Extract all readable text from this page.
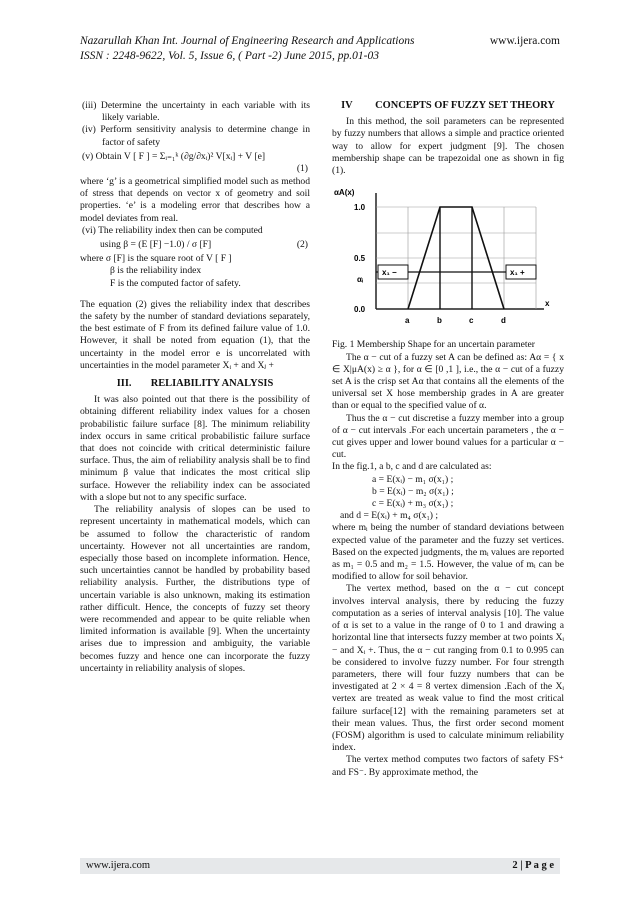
Nazarullah Khan Int. Journal of Engineering Research and Applications
ISSN : 2248-9622, Vol. 5, Issue 6, ( Part -2) June 2015, pp.01-03
www.ijera.com

(iii) Determine the uncertainty in each variable with its likely variable.

(iv) Perform sensitivity analysis to determine change in factor of safety

(v) Obtain V [ F ] = Σᵢ₌₁ᵏ (∂g/∂xᵢ)² V[xᵢ] + V [e]

(1)

where ‘g’ is a geometrical simplified model such as method of stress that depends on vector x of geometry and soil properties. ‘e’ is a modeling error that describes how a model deviates from real.

(vi) The reliability index then can be computed

using β = (E [F] −1.0) / σ [F]	(2)

where σ [F] is the square root of V [ F ]

β is the reliability index

F is the computed factor of safety.

The equation (2) gives the reliability index that describes the safety by the number of standard deviations separately, the best estimate of F from its defined failure value of 1.0. However, it shall be noted from equation (1), that the uncertainty in the model error e is uncorrelated with uncertainties in the model parameter Xᵢ + and Xⱼ +

III. RELIABILITY ANALYSIS

It was also pointed out that there is the possibility of obtaining different reliability index values for a chosen probabilistic failure surface [8]. The minimum reliability index occurs in same critical probabilistic failure surface that does not coincide with critical deterministic failure surface. Thus, the aim of reliability analysis shall be to find minimum β value that indicates the most critical slip surface. However the reliability index can be associated with a slope but not to any specific surface.

The reliability analysis of slopes can be used to represent uncertainty in mathematical models, which can be assumed to follow the characteristic of random uncertainty. However not all uncertainties are random, especially those based on incomplete information. Hence, such uncertainties cannot be handled by probability based reliability analysis. Further, the distributions type of uncertain variable is also unknown, making its estimation rather difficult. Hence, the concepts of fuzzy set theory were recommended and appear to be quite reliable when limited information is available [9]. When the uncertainty arises due to impression and ambiguity, the variable becomes fuzzy and hence one can incorporate the fuzzy uncertainty in reliability analysis of slopes.

IV CONCEPTS OF FUZZY SET THEORY

In this method, the soil parameters can be represented by fuzzy numbers that allows a simple and practice oriented way to allow for expert judgment [9]. The chosen membership shape can be trapezoidal one as shown in fig (1).

αA(x)
1.0
0.5
αᵢ
0.0
x
x₁ −	x₁ +
a	b	c	d

Fig. 1 Membership Shape for an uncertain parameter

The α − cut of a fuzzy set A can be defined as: Aα = { x ∈ X|μA(x) ≥ α }, for α ∈ [0 ,1 ], i.e., the α − cut of a fuzzy set A is the crisp set Aα that contains all the elements of the universal set X hose membership grades in A are greater than or equal to the specified value of α.

Thus the α − cut discretise a fuzzy member into a group of α − cut intervals .For each uncertain parameters , the α − cut gives upper and lower bound values for a particular α − cut.

In the fig.1, a b, c and d are calculated as:

a = E(xᵢ) − m₁ σ(x₁) ;

b = E(xᵢ) − m₂ σ(x₁) ;

c = E(xᵢ) + m₃ σ(x₁) ;

and d = E(xᵢ) + m₄ σ(x₁) ;

where mᵢ being the number of standard deviations between expected value of the parameter and the fuzzy set vertices. Based on the expected judgments, the mᵢ values are reported as m₁ = 0.5 and m₂ = 1.5. However, the value of mᵢ can be modified to allow for soil behavior.

The vertex method, based on the α − cut concept involves interval analysis, there by reducing the fuzzy computation as a series of interval analysis [10]. The value of α is set to a value in the range of 0 to 1 and drawing a horizontal line that intersects fuzzy member at two points Xᵢ − and Xᵢ +. Thus, the α − cut ranging from 0.1 to 0.995 can be considered to involve fuzzy number. For four strength parameters, there will four fuzzy numbers that can be investigated at 2 × 4 = 8 vertex dimension .Each of the Xᵢ vertex are treated as weak value to find the most critical failure surface[12] with the remaining parameters set at their mean values. Thus, the first order second moment (FOSM) algorithm is used to calculate minimum reliability index.

The vertex method computes two factors of safety FS⁺ and FS⁻. By approximate method, the

www.ijera.com	2 | P a g e
